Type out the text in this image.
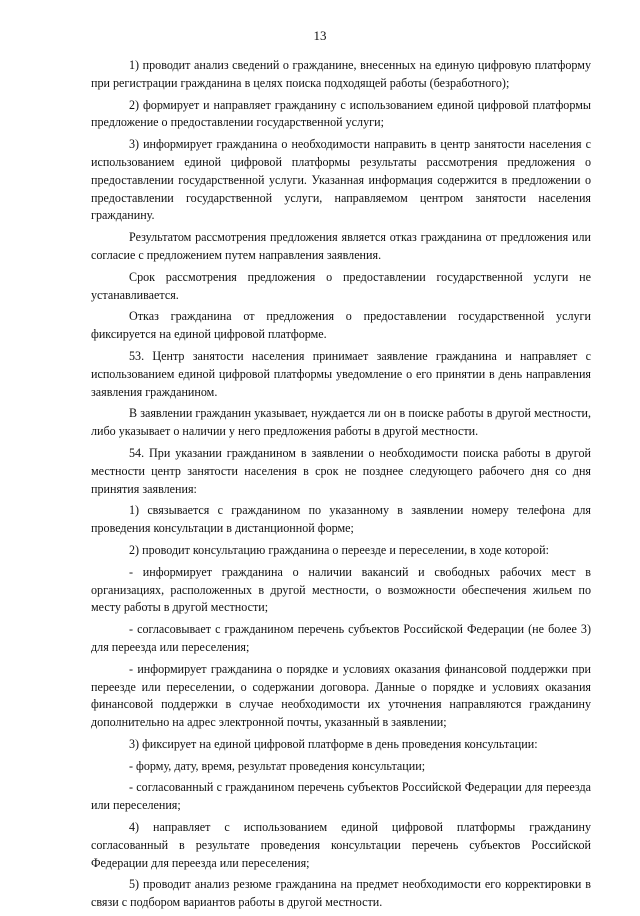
13

1) проводит анализ сведений о гражданине, внесенных на единую цифровую платформу при регистрации гражданина в целях поиска подходящей работы (безработного);

2) формирует и направляет гражданину с использованием единой цифровой платформы предложение о предоставлении государственной услуги;

3) информирует гражданина о необходимости направить в центр занятости населения с использованием единой цифровой платформы результаты рассмотрения предложения о предоставлении государственной услуги. Указанная информация содержится в предложении о предоставлении государственной услуги, направляемом центром занятости населения гражданину.

Результатом рассмотрения предложения является отказ гражданина от предложения или согласие с предложением путем направления заявления.

Срок рассмотрения предложения о предоставлении государственной услуги не устанавливается.

Отказ гражданина от предложения о предоставлении государственной услуги фиксируется на единой цифровой платформе.

53. Центр занятости населения принимает заявление гражданина и направляет с использованием единой цифровой платформы уведомление о его принятии в день направления заявления гражданином.

В заявлении гражданин указывает, нуждается ли он в поиске работы в другой местности, либо указывает о наличии у него предложения работы в другой местности.

54. При указании гражданином в заявлении о необходимости поиска работы в другой местности центр занятости населения в срок не позднее следующего рабочего дня со дня принятия заявления:

1) связывается с гражданином по указанному в заявлении номеру телефона для проведения консультации в дистанционной форме;

2) проводит консультацию гражданина о переезде и переселении, в ходе которой:

- информирует гражданина о наличии вакансий и свободных рабочих мест в организациях, расположенных в другой местности, о возможности обеспечения жильем по месту работы в другой местности;

- согласовывает с гражданином перечень субъектов Российской Федерации (не более 3) для переезда или переселения;

- информирует гражданина о порядке и условиях оказания финансовой поддержки при переезде или переселении, о содержании договора. Данные о порядке и условиях оказания финансовой поддержки в случае необходимости их уточнения направляются гражданину дополнительно на адрес электронной почты, указанный в заявлении;

3) фиксирует на единой цифровой платформе в день проведения консультации:

- форму, дату, время, результат проведения консультации;

- согласованный с гражданином перечень субъектов Российской Федерации для переезда или переселения;

4) направляет с использованием единой цифровой платформы гражданину согласованный в результате проведения консультации перечень субъектов Российской Федерации для переезда или переселения;

5) проводит анализ резюме гражданина на предмет необходимости его корректировки в связи с подбором вариантов работы в другой местности.
